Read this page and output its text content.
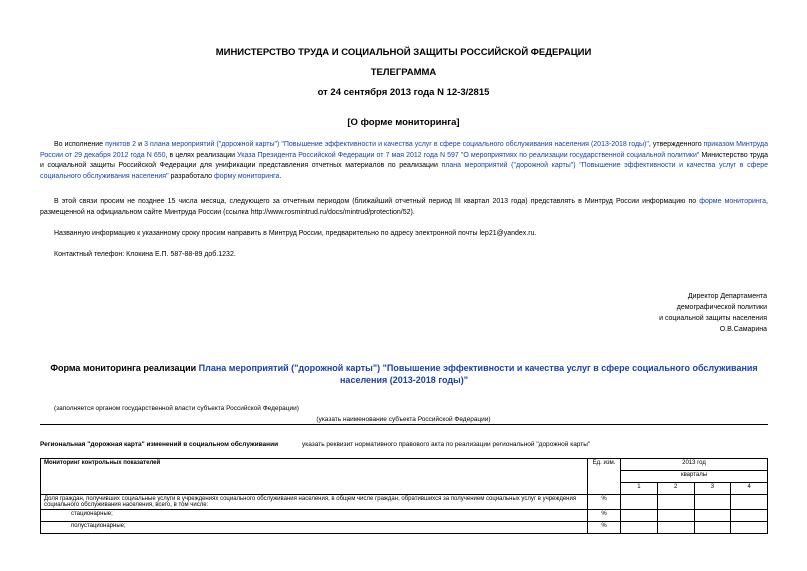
МИНИСТЕРСТВО ТРУДА И СОЦИАЛЬНОЙ ЗАЩИТЫ РОССИЙСКОЙ ФЕДЕРАЦИИ
ТЕЛЕГРАММА
от 24 сентября 2013 года N 12-3/2815
[О форме мониторинга]
Во исполнение пунктов 2 и 3 плана мероприятий ("дорожной карты") "Повышение эффективности и качества услуг в сфере социального обслуживания населения (2013-2018 годы)", утвержденного приказом Минтруда России от 29 декабря 2012 года N 650, в целях реализации Указа Президента Российской Федерации от 7 мая 2012 года N 597 "О мероприятиях по реализации государственной социальной политики" Министерство труда и социальной защиты Российской Федерации для унификации представления отчетных материалов по реализации плана мероприятий ("дорожной карты") "Повышение эффективности и качества услуг в сфере социального обслуживания населения" разработало форму мониторинга.
В этой связи просим не позднее 15 числа месяца, следующего за отчетным периодом (ближайший отчетный период III квартал 2013 года) представлять в Минтруд России информацию по форме мониторинга, размещенной на официальном сайте Минтруда России (ссылка http://www.rosmintrud.ru/docs/mintrud/protection/52).
Названную информацию к указанному сроку просим направить в Минтруд России, предварительно по адресу электронной почты lep21@yandex.ru.
Контактный телефон: Клокина Е.П. 587-88-89 доб.1232.
Директор Департамента
демографической политики
и социальной защиты населения
О.В.Самарина
Форма мониторинга реализации Плана мероприятий ("дорожной карты") "Повышение эффективности и качества услуг в сфере социального обслуживания населения (2013-2018 годы)"
(заполняется органом государственной власти субъекта Российской Федерации)
(указать наименование субъекта Российской Федерации)
Региональная "дорожная карта" изменений в социальном обслуживании	указать реквизит нормативного правового акта по реализации региональной "дорожной карты"
Мониторинг контрольных показателей	Ед. изм.	2013 год			
		кварталы			
		1	2	3	4
Доля граждан, получивших социальные услуги в учреждениях социального обслуживания населения, в общем числе граждан, обратившихся за получением социальных услуг в учреждения социального обслуживания населения, всего, в том числе:	%				
стационарные;	%				
полустационарные;	%				
